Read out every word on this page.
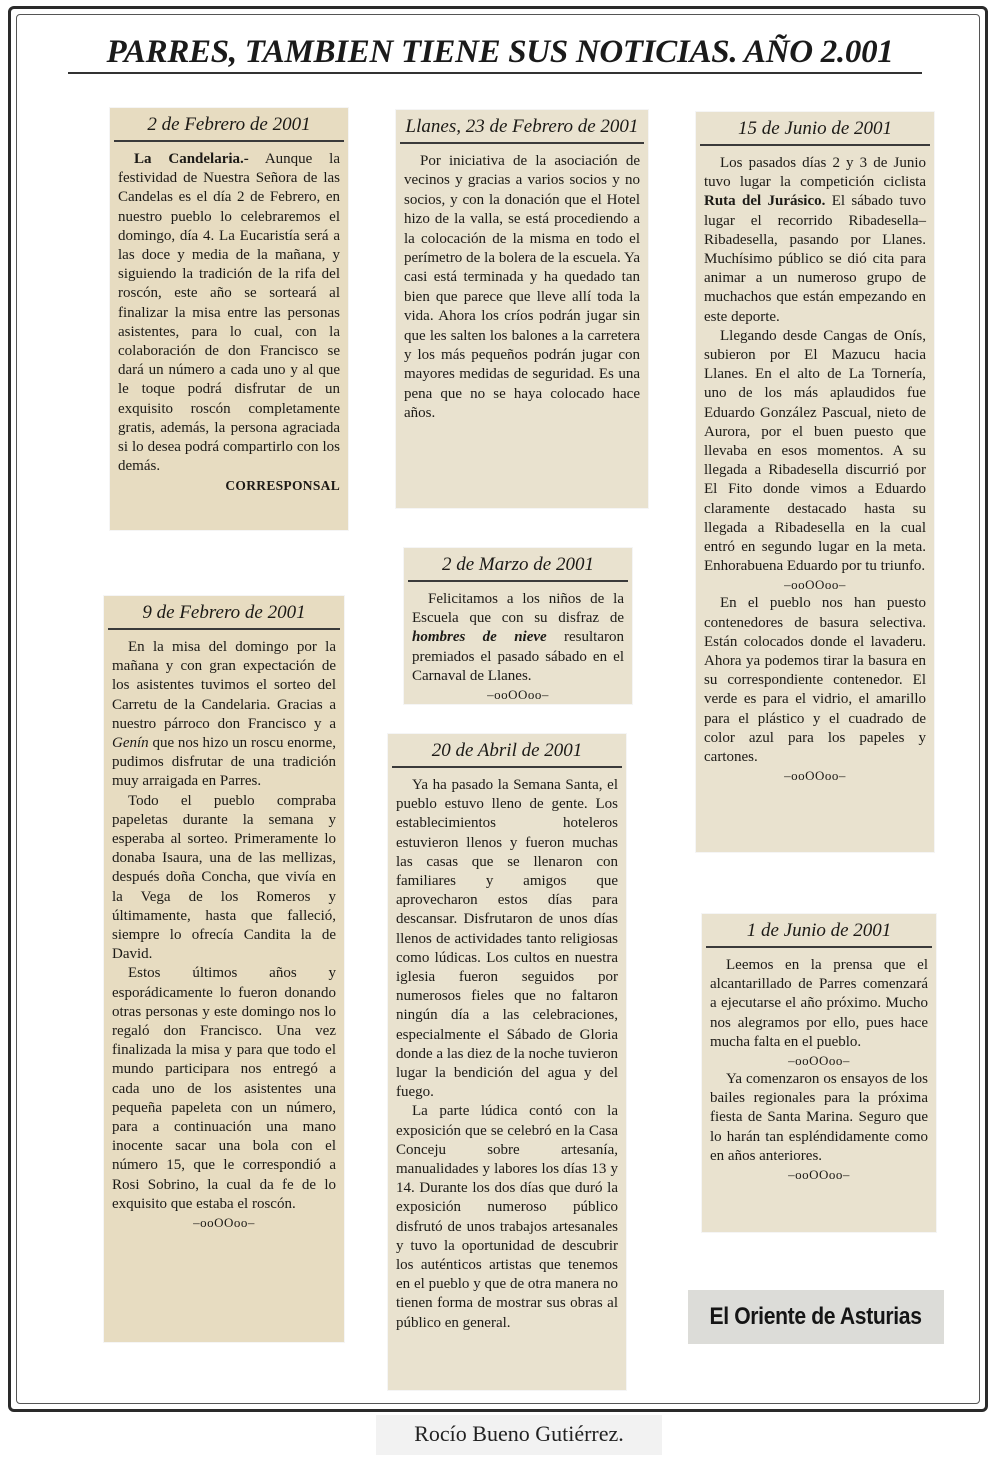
PARRES, TAMBIEN TIENE SUS NOTICIAS. AÑO 2.001
2 de Febrero de 2001

La Candelaria.- Aunque la festividad de Nuestra Señora de las Candelas es el día 2 de Febrero, en nuestro pueblo lo celebraremos el domingo, día 4. La Eucaristía será a las doce y media de la mañana, y siguiendo la tradición de la rifa del roscón, este año se sorteará al finalizar la misa entre las personas asistentes, para lo cual, con la colaboración de don Francisco se dará un número a cada uno y al que le toque podrá disfrutar de un exquisito roscón completamente gratis, además, la persona agraciada si lo desea podrá compartirlo con los demás.

CORRESPONSAL

Llanes, 23 de Febrero de 2001

Por iniciativa de la asociación de vecinos y gracias a varios socios y no socios, y con la donación que el Hotel hizo de la valla, se está procediendo a la colocación de la misma en todo el perímetro de la bolera de la escuela. Ya casi está terminada y ha quedado tan bien que parece que lleve allí toda la vida. Ahora los críos podrán jugar sin que les salten los balones a la carretera y los más pequeños podrán jugar con mayores medidas de seguridad. Es una pena que no se haya colocado hace años.

15 de Junio de 2001

Los pasados días 2 y 3 de Junio tuvo lugar la competición ciclista Ruta del Jurásico. El sábado tuvo lugar el recorrido Ribadesella–Ribadesella, pasando por Llanes. Muchísimo público se dió cita para animar a un numeroso grupo de muchachos que están empezando en este deporte.

Llegando desde Cangas de Onís, subieron por El Mazucu hacia Llanes. En el alto de La Tornería, uno de los más aplaudidos fue Eduardo González Pascual, nieto de Aurora, por el buen puesto que llevaba en esos momentos. A su llegada a Ribadesella discurrió por El Fito donde vimos a Eduardo claramente destacado hasta su llegada a Ribadesella en la cual entró en segundo lugar en la meta. Enhorabuena Eduardo por tu triunfo.

–ooOOoo–

En el pueblo nos han puesto contenedores de basura selectiva. Están colocados donde el lavaderu. Ahora ya podemos tirar la basura en su correspondiente contenedor. El verde es para el vidrio, el amarillo para el plástico y el cuadrado de color azul para los papeles y cartones.

–ooOOoo–

9 de Febrero de 2001

En la misa del domingo por la mañana y con gran expectación de los asistentes tuvimos el sorteo del Carretu de la Candelaria. Gracias a nuestro párroco don Francisco y a Genín que nos hizo un roscu enorme, pudimos disfrutar de una tradición muy arraigada en Parres.

Todo el pueblo compraba papeletas durante la semana y esperaba al sorteo. Primeramente lo donaba Isaura, una de las mellizas, después doña Concha, que vivía en la Vega de los Romeros y últimamente, hasta que falleció, siempre lo ofrecía Candita la de David.

Estos últimos años y esporádicamente lo fueron donando otras personas y este domingo nos lo regaló don Francisco. Una vez finalizada la misa y para que todo el mundo participara nos entregó a cada uno de los asistentes una pequeña papeleta con un número, para a continuación una mano inocente sacar una bola con el número 15, que le correspondió a Rosi Sobrino, la cual da fe de lo exquisito que estaba el roscón.

–ooOOoo–

2 de Marzo de 2001

Felicitamos a los niños de la Escuela que con su disfraz de hombres de nieve resultaron premiados el pasado sábado en el Carnaval de Llanes.

–ooOOoo–

20 de Abril de 2001

Ya ha pasado la Semana Santa, el pueblo estuvo lleno de gente. Los establecimientos hoteleros estuvieron llenos y fueron muchas las casas que se llenaron con familiares y amigos que aprovecharon estos días para descansar. Disfrutaron de unos días llenos de actividades tanto religiosas como lúdicas. Los cultos en nuestra iglesia fueron seguidos por numerosos fieles que no faltaron ningún día a las celebraciones, especialmente el Sábado de Gloria donde a las diez de la noche tuvieron lugar la bendición del agua y del fuego.

La parte lúdica contó con la exposición que se celebró en la Casa Conceju sobre artesanía, manualidades y labores los días 13 y 14. Durante los dos días que duró la exposición numeroso público disfrutó de unos trabajos artesanales y tuvo la oportunidad de descubrir los auténticos artistas que tenemos en el pueblo y que de otra manera no tienen forma de mostrar sus obras al público en general.

1 de Junio de 2001

Leemos en la prensa que el alcantarillado de Parres comenzará a ejecutarse el año próximo. Mucho nos alegramos por ello, pues hace mucha falta en el pueblo.

–ooOOoo–

Ya comenzaron os ensayos de los bailes regionales para la próxima fiesta de Santa Marina. Seguro que lo harán tan espléndidamente como en años anteriores.

–ooOOoo–

El Oriente de Asturias
Rocío Bueno Gutiérrez.
